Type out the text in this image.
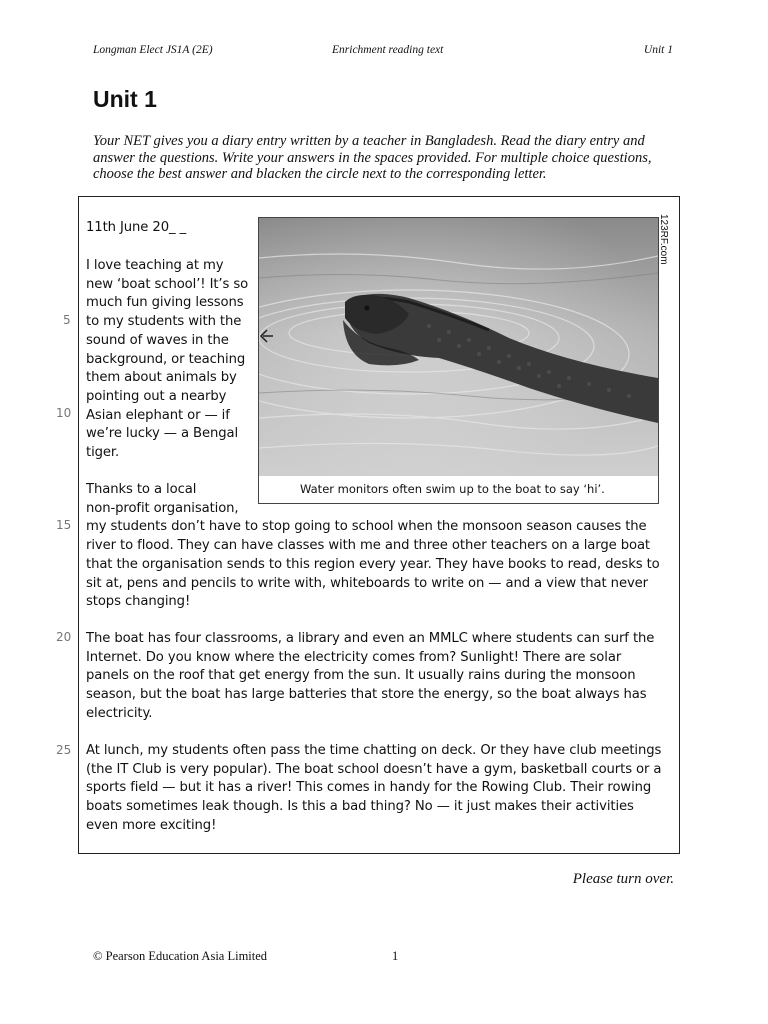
Longman Elect JS1A (2E)	Enrichment reading text	Unit 1
Unit 1
Your NET gives you a diary entry written by a teacher in Bangladesh. Read the diary entry and answer the questions. Write your answers in the spaces provided. For multiple choice questions, choose the best answer and blacken the circle next to the corresponding letter.
5
10
15
20
25
11th June 20_ _
I love teaching at my
new ‘boat school’! It’s so
much fun giving lessons
to my students with the
sound of waves in the
background, or teaching
them about animals by
pointing out a nearby
Asian elephant or — if
we’re lucky — a Bengal
tiger.
Thanks to a local
non-profit organisation,
my students don’t have to stop going to school when the monsoon season causes the
river to flood. They can have classes with me and three other teachers on a large boat
that the organisation sends to this region every year. They have books to read, desks to
sit at, pens and pencils to write with, whiteboards to write on — and a view that never
stops changing!
The boat has four classrooms, a library and even an MMLC where students can surf the
Internet. Do you know where the electricity comes from? Sunlight! There are solar
panels on the roof that get energy from the sun. It usually rains during the monsoon
season, but the boat has large batteries that store the energy, so the boat always has
electricity.
At lunch, my students often pass the time chatting on deck. Or they have club meetings
(the IT Club is very popular). The boat school doesn’t have a gym, basketball courts or a
sports field — but it has a river! This comes in handy for the Rowing Club. Their rowing
boats sometimes leak though. Is this a bad thing? No — it just makes their activities
even more exciting!
123RF.com
Water monitors often swim up to the boat to say ‘hi’.
Please turn over.
© Pearson Education Asia Limited	1
